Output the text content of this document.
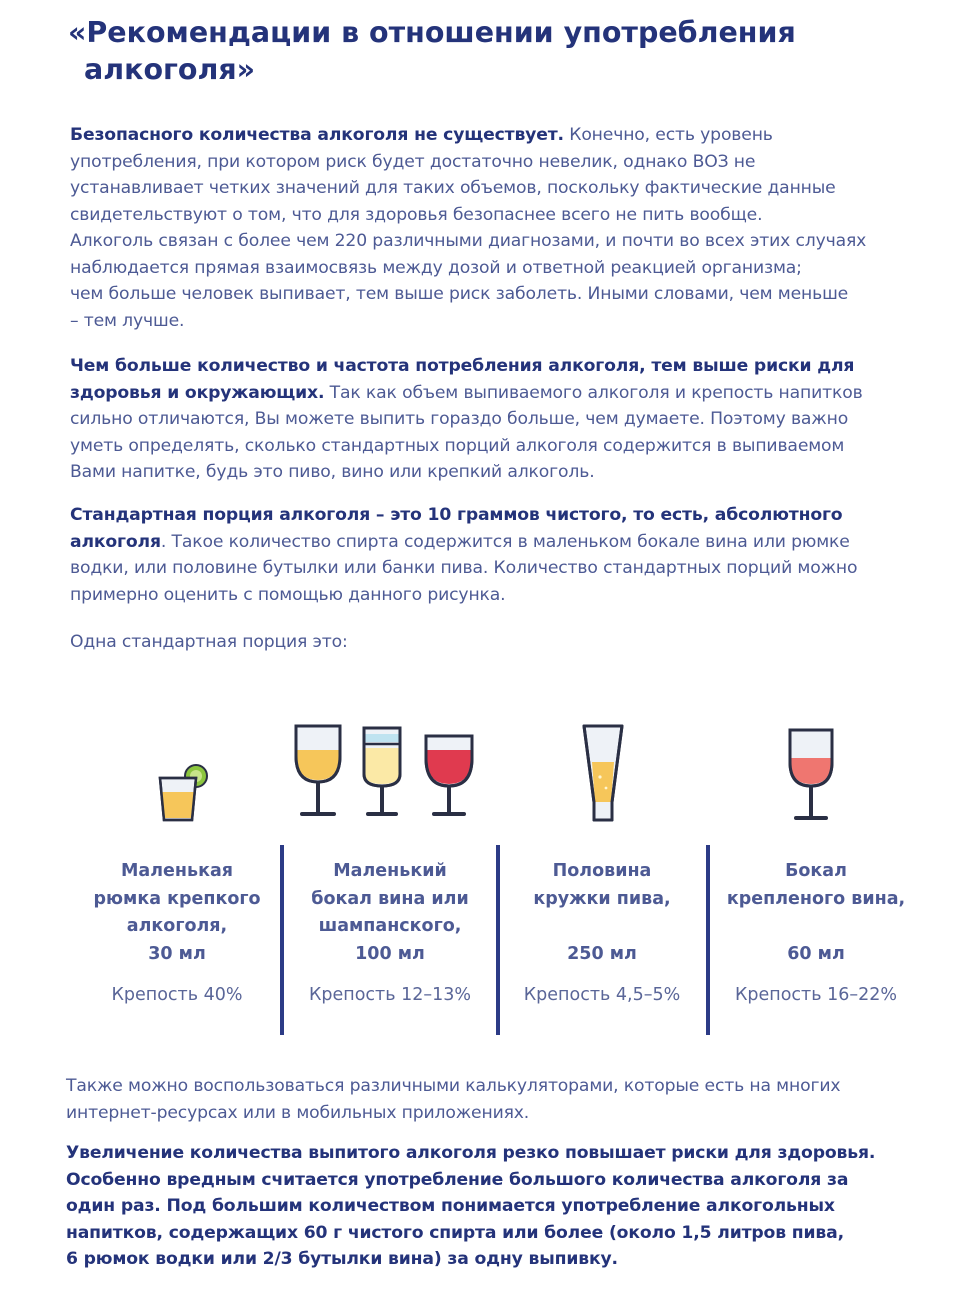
«Рекомендации в отношении употребления
алкоголя»

Безопасного количества алкоголя не существует. Конечно, есть уровень
употребления, при котором риск будет достаточно невелик, однако ВОЗ не
устанавливает четких значений для таких объемов, поскольку фактические данные
свидетельствуют о том, что для здоровья безопаснее всего не пить вообще.
Алкоголь связан с более чем 220 различными диагнозами, и почти во всех этих случаях
наблюдается прямая взаимосвязь между дозой и ответной реакцией организма;
чем больше человек выпивает, тем выше риск заболеть. Иными словами, чем меньше
– тем лучше.

Чем больше количество и частота потребления алкоголя, тем выше риски для
здоровья и окружающих. Так как объем выпиваемого алкоголя и крепость напитков
сильно отличаются, Вы можете выпить гораздо больше, чем думаете. Поэтому важно
уметь определять, сколько стандартных порций алкоголя содержится в выпиваемом
Вами напитке, будь это пиво, вино или крепкий алкоголь.

Стандартная порция алкоголя – это 10 граммов чистого, то есть, абсолютного
алкоголя. Такое количество спирта содержится в маленьком бокале вина или рюмке
водки, или половине бутылки или банки пива. Количество стандартных порций можно
примерно оценить с помощью данного рисунка.

Одна стандартная порция это:

Маленькая
рюмка крепкого
алкоголя,
30 мл
Крепость 40%
Маленький
бокал вина или
шампанского,
100 мл
Крепость 12–13%
Половина
кружки пива,

250 мл
Крепость 4,5–5%
Бокал
крепленого вина,

60 мл
Крепость 16–22%

Также можно воспользоваться различными калькуляторами, которые есть на многих
интернет-ресурсах или в мобильных приложениях.

Увеличение количества выпитого алкоголя резко повышает риски для здоровья.
Особенно вредным считается употребление большого количества алкоголя за
один раз. Под большим количеством понимается употребление алкогольных
напитков, содержащих 60 г чистого спирта или более (около 1,5 литров пива,
6 рюмок водки или 2/3 бутылки вина) за одну выпивку.
